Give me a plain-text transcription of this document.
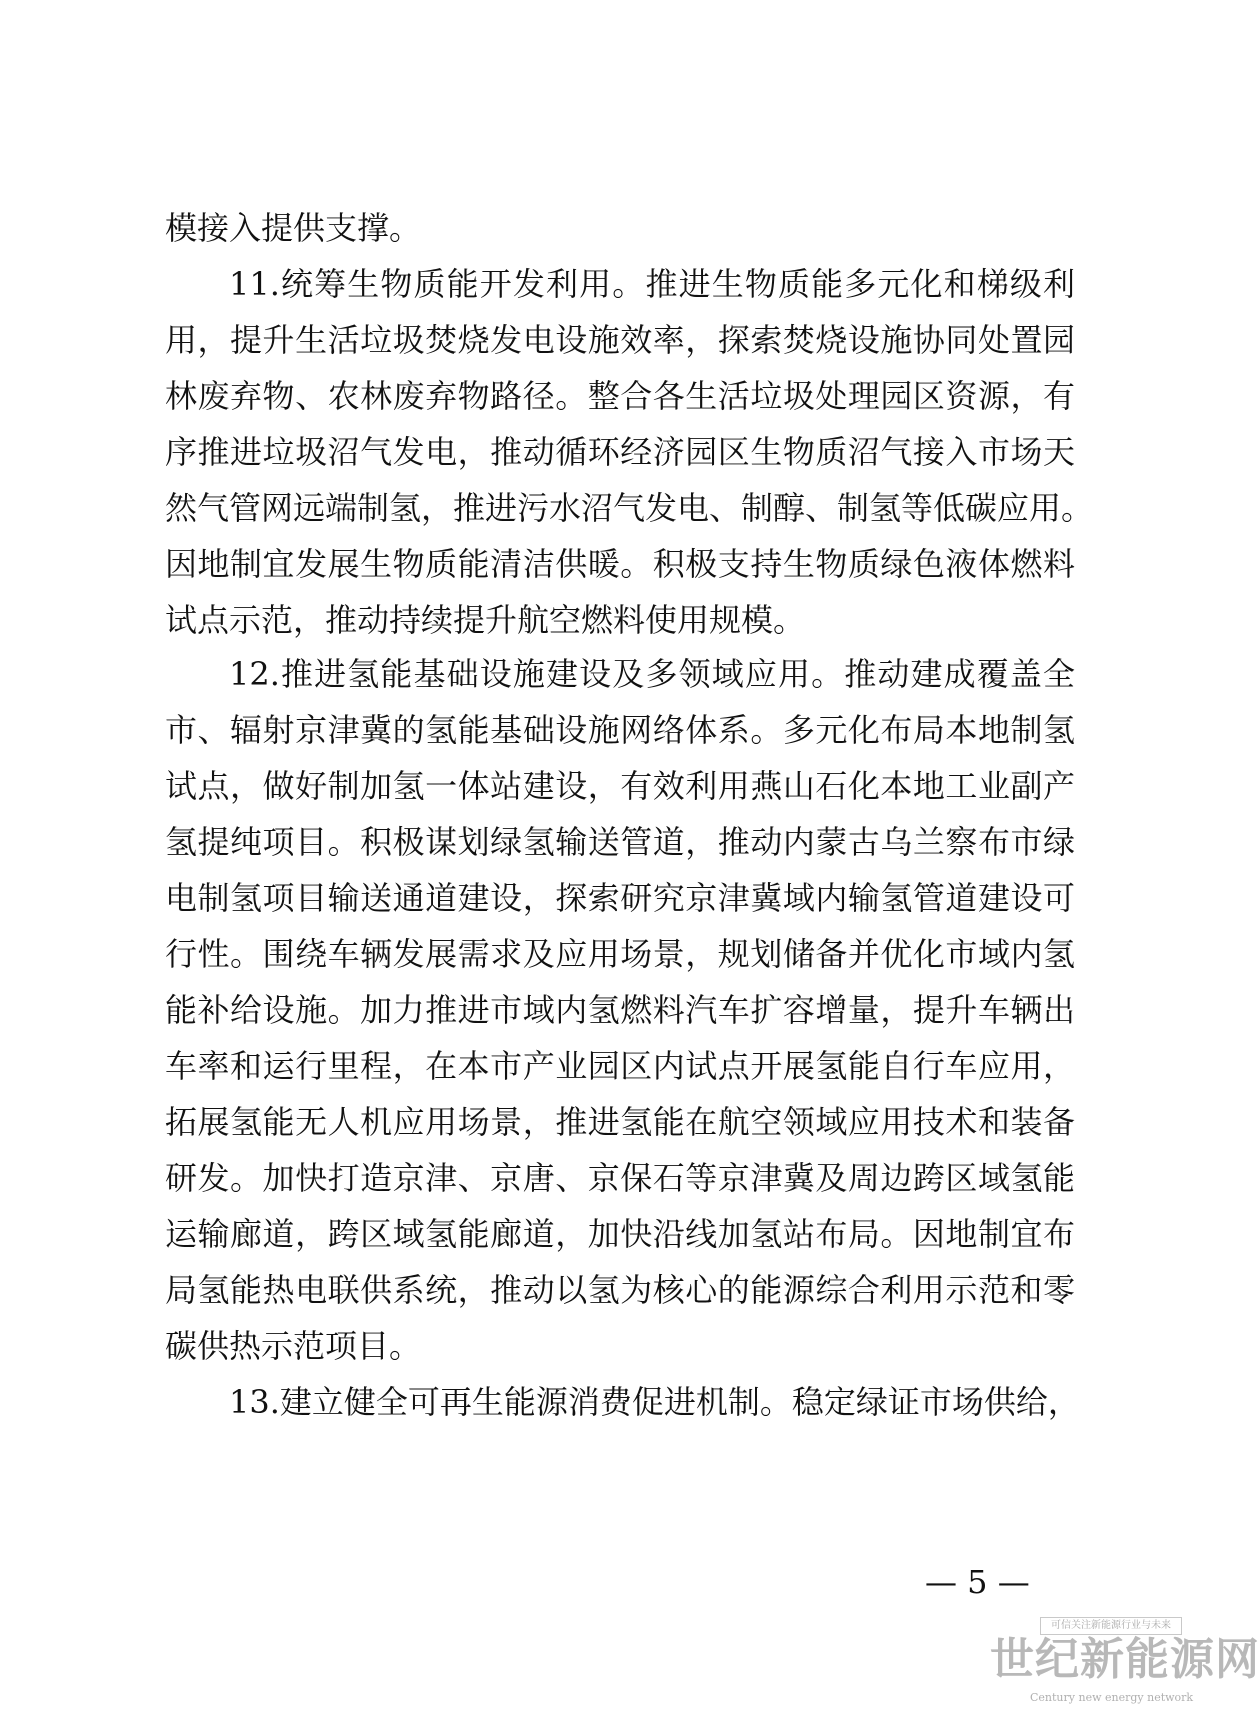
模接入提供支撑。
11.统筹生物质能开发利用。推进生物质能多元化和梯级利
用，提升生活垃圾焚烧发电设施效率，探索焚烧设施协同处置园
林废弃物、农林废弃物路径。整合各生活垃圾处理园区资源，有
序推进垃圾沼气发电，推动循环经济园区生物质沼气接入市场天
然气管网远端制氢，推进污水沼气发电、制醇、制氢等低碳应用。
因地制宜发展生物质能清洁供暖。积极支持生物质绿色液体燃料
试点示范，推动持续提升航空燃料使用规模。
12.推进氢能基础设施建设及多领域应用。推动建成覆盖全
市、辐射京津冀的氢能基础设施网络体系。多元化布局本地制氢
试点，做好制加氢一体站建设，有效利用燕山石化本地工业副产
氢提纯项目。积极谋划绿氢输送管道，推动内蒙古乌兰察布市绿
电制氢项目输送通道建设，探索研究京津冀域内输氢管道建设可
行性。围绕车辆发展需求及应用场景，规划储备并优化市域内氢
能补给设施。加力推进市域内氢燃料汽车扩容增量，提升车辆出
车率和运行里程，在本市产业园区内试点开展氢能自行车应用，
拓展氢能无人机应用场景，推进氢能在航空领域应用技术和装备
研发。加快打造京津、京唐、京保石等京津冀及周边跨区域氢能
运输廊道，跨区域氢能廊道，加快沿线加氢站布局。因地制宜布
局氢能热电联供系统，推动以氢为核心的能源综合利用示范和零
碳供热示范项目。
13.建立健全可再生能源消费促进机制。稳定绿证市场供给，
— 5 —
可信关注新能源行业与未来
世纪新能源网
Century new energy network
